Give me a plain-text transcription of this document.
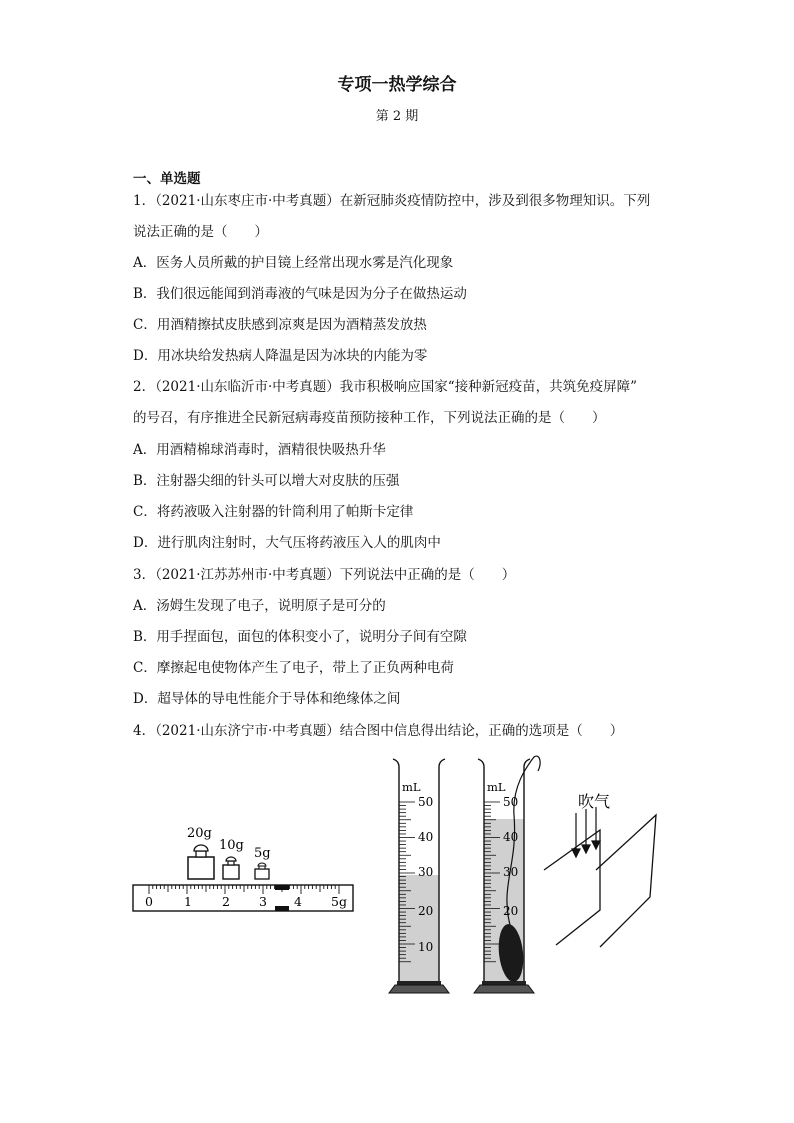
专项一热学综合
第 2 期
一、单选题
1．（2021·山东枣庄市·中考真题）在新冠肺炎疫情防控中，涉及到很多物理知识。下列
说法正确的是（　　）
A．医务人员所戴的护目镜上经常出现水雾是汽化现象
B．我们很远能闻到消毒液的气味是因为分子在做热运动
C．用酒精擦拭皮肤感到凉爽是因为酒精蒸发放热
D．用冰块给发热病人降温是因为冰块的内能为零
2．（2021·山东临沂市·中考真题）我市积极响应国家“接种新冠疫苗，共筑免疫屏障”
的号召，有序推进全民新冠病毒疫苗预防接种工作，下列说法正确的是（　　）
A．用酒精棉球消毒时，酒精很快吸热升华
B．注射器尖细的针头可以增大对皮肤的压强
C．将药液吸入注射器的针筒利用了帕斯卡定律
D．进行肌肉注射时，大气压将药液压入人的肌肉中
3．（2021·江苏苏州市·中考真题）下列说法中正确的是（　　）
A．汤姆生发现了电子，说明原子是可分的
B．用手捏面包，面包的体积变小了，说明分子间有空隙
C．摩擦起电使物体产生了电子，带上了正负两种电荷
D．超导体的导电性能介于导体和绝缘体之间
4．（2021·山东济宁市·中考真题）结合图中信息得出结论，正确的选项是（　　）
20g
10g
5g
0 1 2 3 4 5g
mL
50
40
30
20
10
mL
50
40
30
20
吹气
